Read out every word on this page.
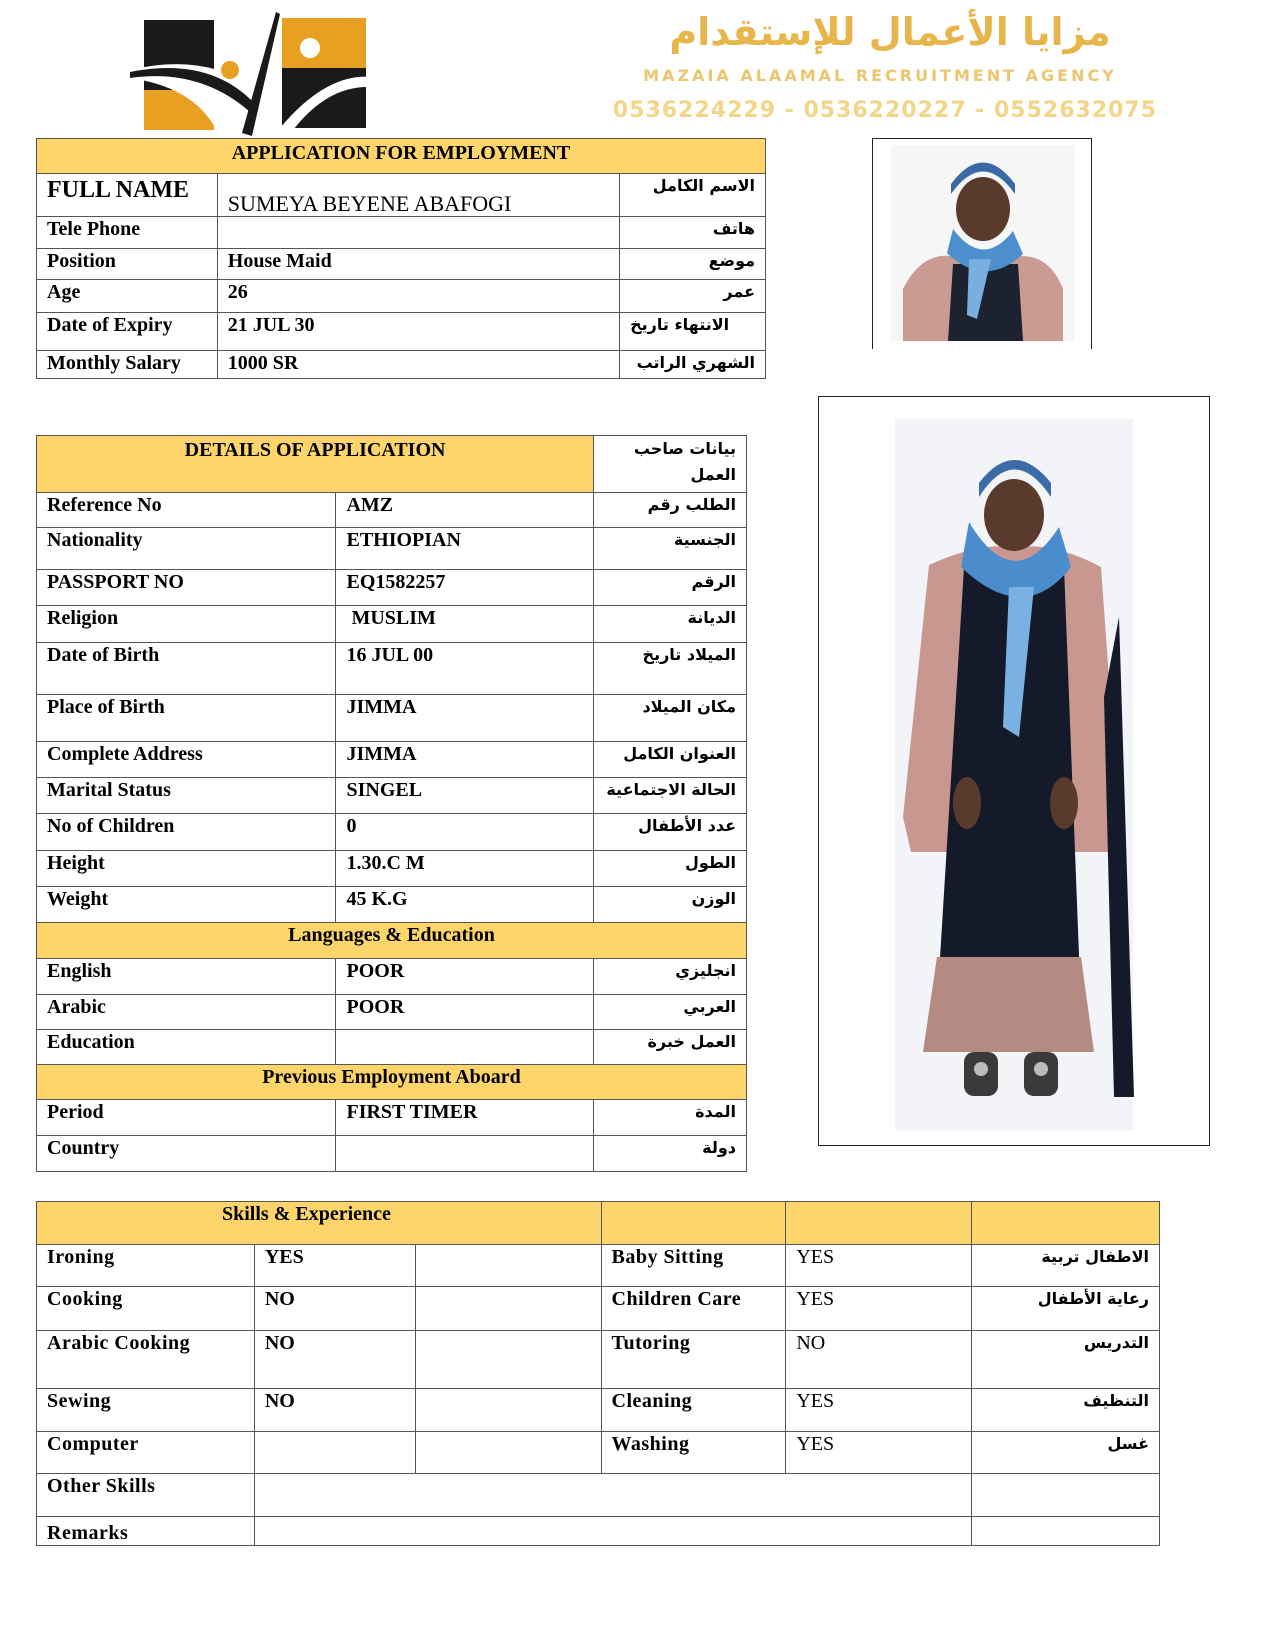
مزايا الأعمال للإستقدام
MAZAIA ALAAMAL RECRUITMENT AGENCY
0536224229 - 0536220227 - 0552632075
APPLICATION FOR EMPLOYMENT		
FULL NAME	SUMEYA BEYENE ABAFOGI	الاسم الكامل
Tele Phone		هاتف
Position	House Maid	موضع
Age	26	عمر
Date of Expiry	21 JUL 30	الانتهاء تاريخ
Monthly Salary	1000 SR	الشهري الراتب
DETAILS OF APPLICATION		بيانات صاحب العمل
Reference No	AMZ	الطلب رقم
Nationality	ETHIOPIAN	الجنسية
PASSPORT NO	EQ1582257	الرقم
Religion	MUSLIM	الديانة
Date of Birth	16 JUL 00	الميلاد تاريخ
Place of Birth	JIMMA	مكان الميلاد
Complete Address	JIMMA	العنوان الكامل
Marital Status	SINGEL	الحالة الاجتماعية
No of Children	0	عدد الأطفال
Height	1.30.C M	الطول
Weight	45 K.G	الوزن
Languages & Education		
English	POOR	انجليزي
Arabic	POOR	العربي
Education		العمل خبرة
Previous Employment Aboard		
Period	FIRST TIMER	المدة
Country		دولة
Skills & Experience					
Ironing	YES		Baby Sitting	YES	الاطفال تربية
Cooking	NO		Children Care	YES	رعاية الأطفال
Arabic Cooking	NO		Tutoring	NO	التدريس
Sewing	NO		Cleaning	YES	التنظيف
Computer			Washing	YES	غسل
Other Skills					
Remarks					
